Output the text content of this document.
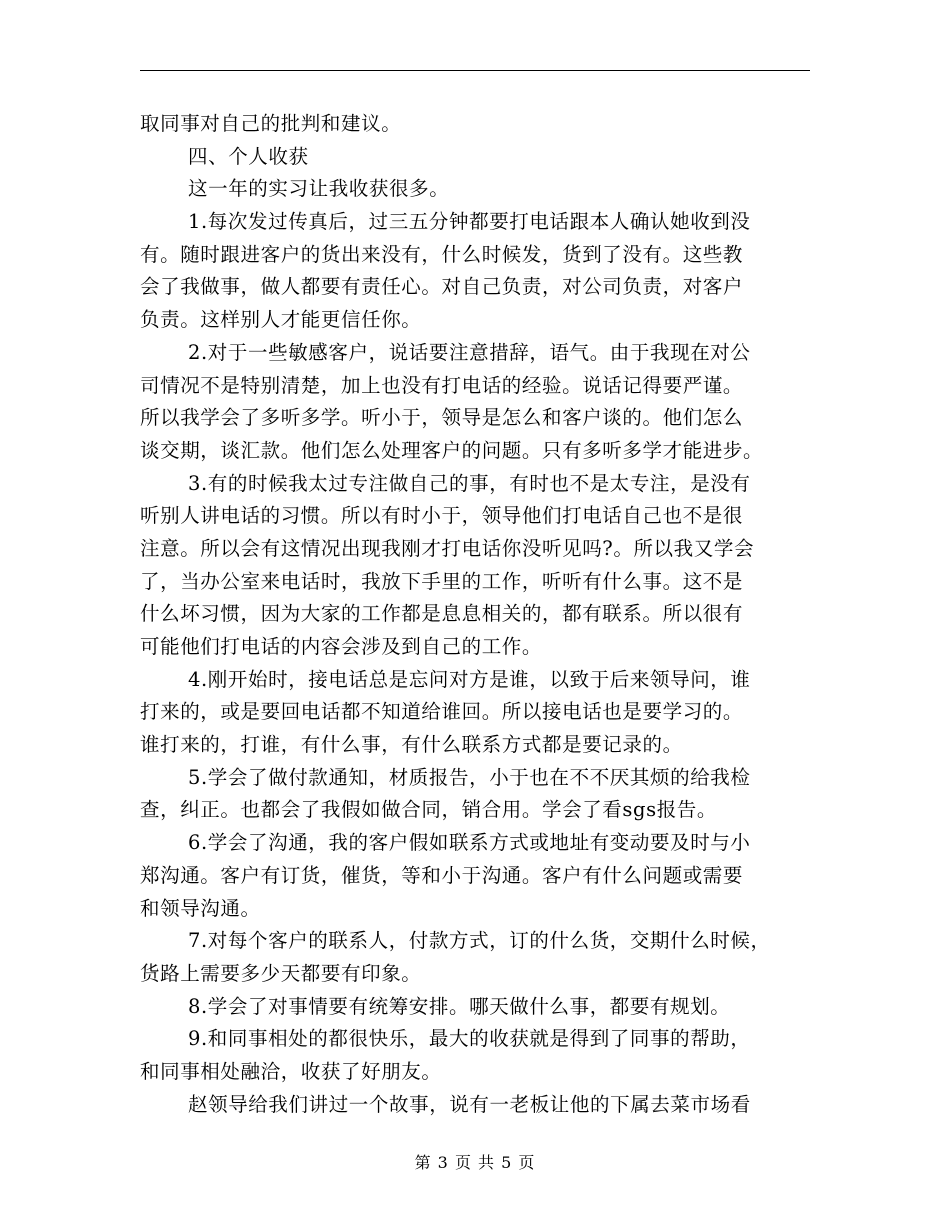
取同事对自己的批判和建议。
四、个人收获
这一年的实习让我收获很多。
1.每次发过传真后，过三五分钟都要打电话跟本人确认她收到没
有。随时跟进客户的货出来没有，什么时候发，货到了没有。这些教
会了我做事，做人都要有责任心。对自己负责，对公司负责，对客户
负责。这样别人才能更信任你。
2.对于一些敏感客户，说话要注意措辞，语气。由于我现在对公
司情况不是特别清楚，加上也没有打电话的经验。说话记得要严谨。
所以我学会了多听多学。听小于，领导是怎么和客户谈的。他们怎么
谈交期，谈汇款。他们怎么处理客户的问题。只有多听多学才能进步。
3.有的时候我太过专注做自己的事，有时也不是太专注，是没有
听别人讲电话的习惯。所以有时小于，领导他们打电话自己也不是很
注意。所以会有这情况出现我刚才打电话你没听见吗?。所以我又学会
了，当办公室来电话时，我放下手里的工作，听听有什么事。这不是
什么坏习惯，因为大家的工作都是息息相关的，都有联系。所以很有
可能他们打电话的内容会涉及到自己的工作。
4.刚开始时，接电话总是忘问对方是谁，以致于后来领导问，谁
打来的，或是要回电话都不知道给谁回。所以接电话也是要学习的。
谁打来的，打谁，有什么事，有什么联系方式都是要记录的。
5.学会了做付款通知，材质报告，小于也在不不厌其烦的给我检
查，纠正。也都会了我假如做合同，销合用。学会了看sgs报告。
6.学会了沟通，我的客户假如联系方式或地址有变动要及时与小
郑沟通。客户有订货，催货，等和小于沟通。客户有什么问题或需要
和领导沟通。
7.对每个客户的联系人，付款方式，订的什么货，交期什么时候，
货路上需要多少天都要有印象。
8.学会了对事情要有统筹安排。哪天做什么事，都要有规划。
9.和同事相处的都很快乐，最大的收获就是得到了同事的帮助，
和同事相处融洽，收获了好朋友。
赵领导给我们讲过一个故事，说有一老板让他的下属去菜市场看
第 3 页 共 5 页
